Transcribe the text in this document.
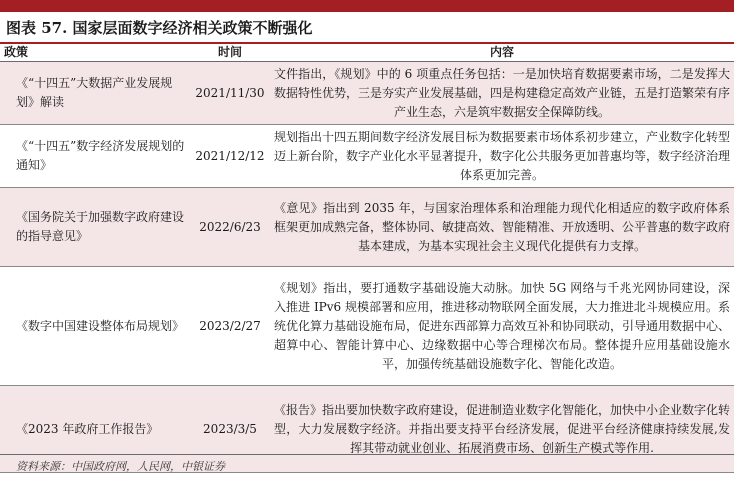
图表 57. 国家层面数字经济相关政策不断强化
政策	时间	内容
《“十四五”大数据产业发展规划》解读	2021/11/30	文件指出，《规划》中的 6 项重点任务包括：一是加快培育数据要素市场，二是发挥大数据特性优势，三是夯实产业发展基础，四是构建稳定高效产业链，五是打造繁荣有序产业生态，六是筑牢数据安全保障防线。
《“十四五”数字经济发展规划的通知》	2021/12/12	规划指出十四五期间数字经济发展目标为数据要素市场体系初步建立，产业数字化转型迈上新台阶，数字产业化水平显著提升，数字化公共服务更加普惠均等，数字经济治理体系更加完善。
《国务院关于加强数字政府建设的指导意见》	2022/6/23	《意见》指出到 2035 年，与国家治理体系和治理能力现代化相适应的数字政府体系框架更加成熟完备，整体协同、敏捷高效、智能精准、开放透明、公平普惠的数字政府基本建成，为基本实现社会主义现代化提供有力支撑。
《数字中国建设整体布局规划》	2023/2/27	《规划》指出，要打通数字基础设施大动脉。加快 5G 网络与千兆光网协同建设，深入推进 IPv6 规模部署和应用，推进移动物联网全面发展，大力推进北斗规模应用。系统优化算力基础设施布局，促进东西部算力高效互补和协同联动，引导通用数据中心、超算中心、智能计算中心、边缘数据中心等合理梯次布局。整体提升应用基础设施水平，加强传统基础设施数字化、智能化改造。
《2023 年政府工作报告》	2023/3/5	《报告》指出要加快数字政府建设，促进制造业数字化智能化，加快中小企业数字化转型，大力发展数字经济。并指出要支持平台经济发展，促进平台经济健康持续发展,发挥其带动就业创业、拓展消费市场、创新生产模式等作用.
资料来源：中国政府网，人民网，中银证券
